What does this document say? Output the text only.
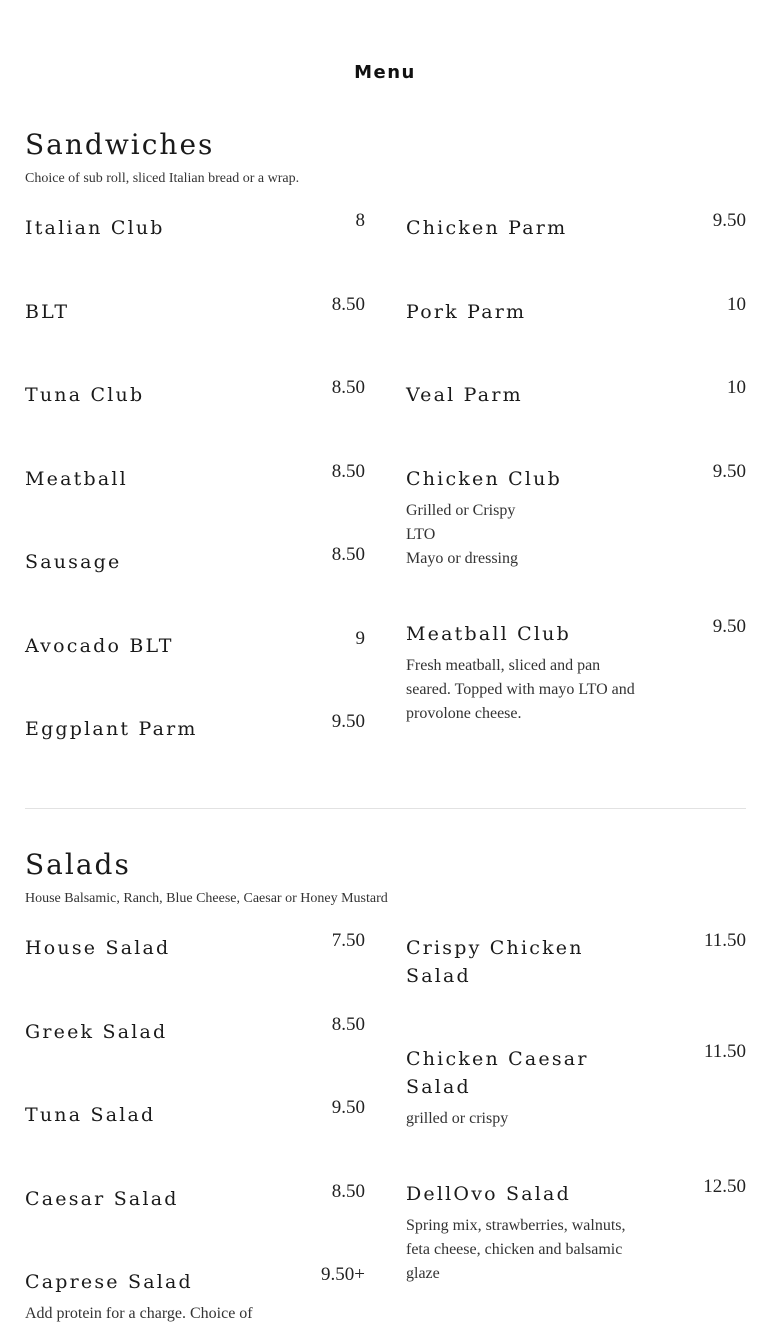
Menu
Sandwiches
Choice of sub roll, sliced Italian bread or a wrap.
Italian Club	8
BLT	8.50
Tuna Club	8.50
Meatball	8.50
Sausage	8.50
Avocado BLT	9
Eggplant Parm	9.50
Chicken Parm	9.50
Pork Parm	10
Veal Parm	10
Chicken Club	9.50
Grilled or Crispy
LTO
Mayo or dressing
Meatball Club	9.50
Fresh meatball, sliced and pan
seared. Topped with mayo LTO and
provolone cheese.
Salads
House Balsamic, Ranch, Blue Cheese, Caesar or Honey Mustard
House Salad	7.50
Greek Salad	8.50
Tuna Salad	9.50
Caesar Salad	8.50
Caprese Salad	9.50+
Add protein for a charge. Choice of
Crispy Chicken Salad
11.50
Chicken Caesar Salad
11.50
grilled or crispy
DellOvo Salad	12.50
Spring mix, strawberries, walnuts,
feta cheese, chicken and balsamic
glaze
